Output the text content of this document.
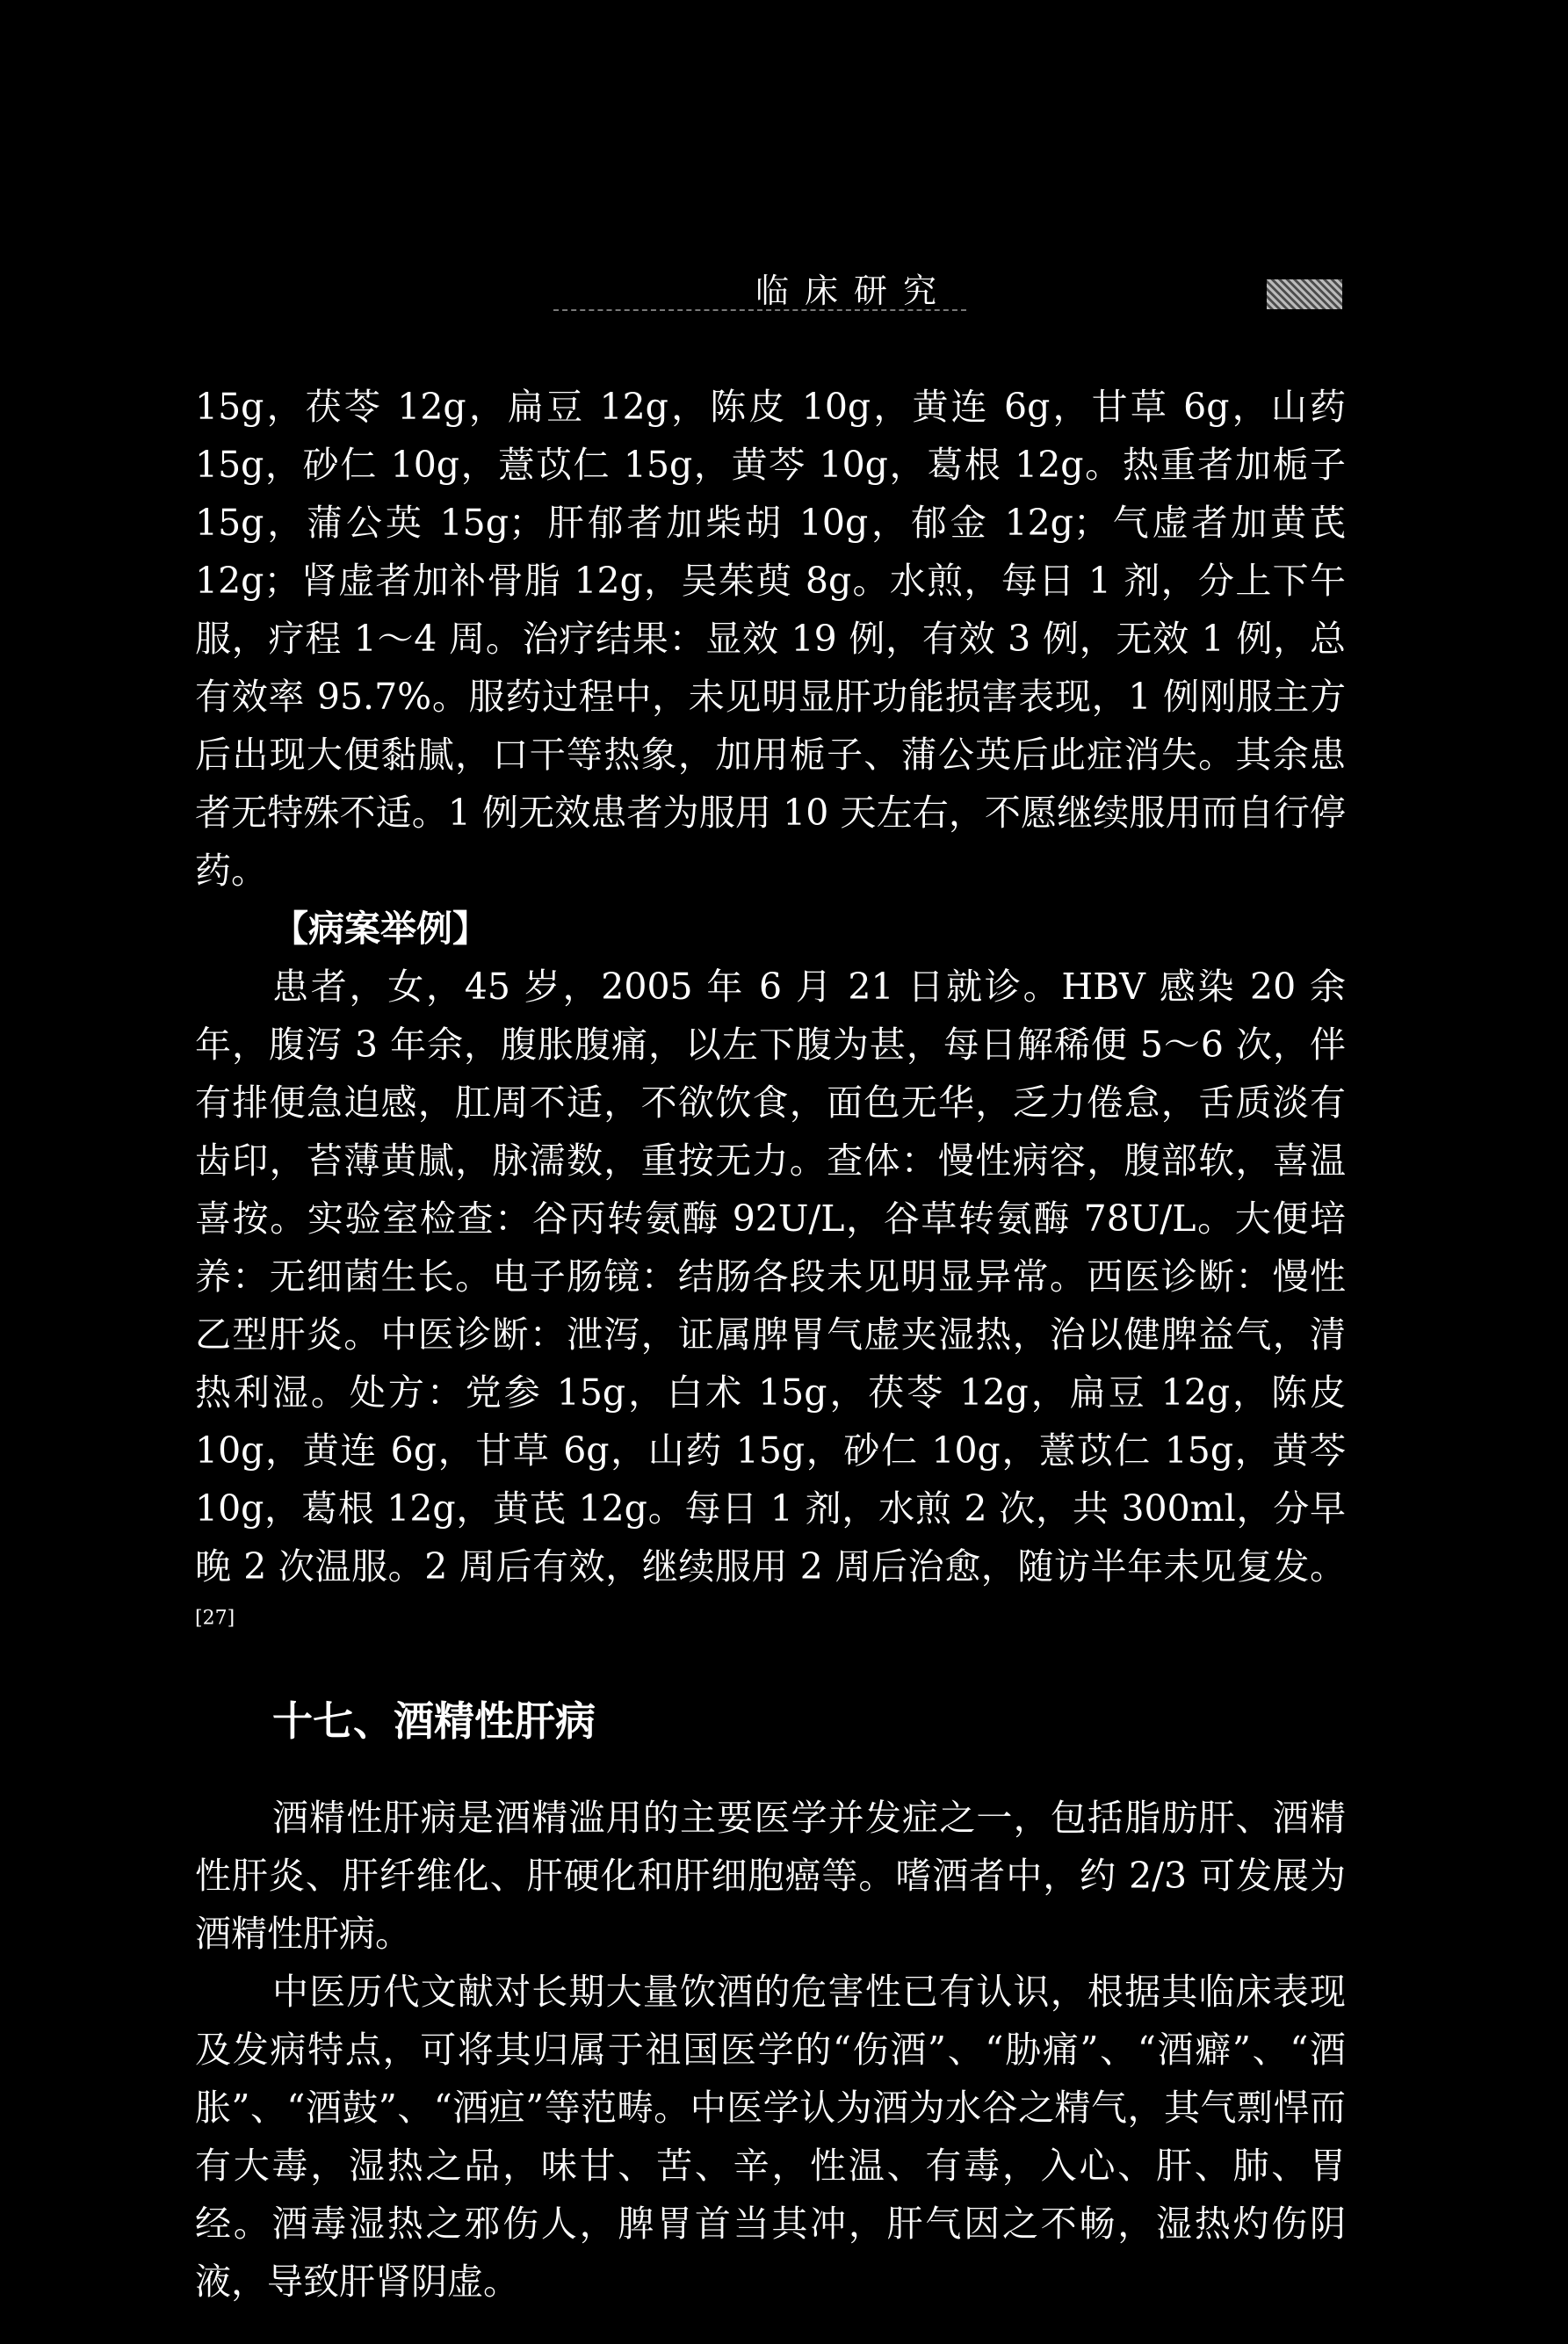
临床研究

15g，茯苓 12g，扁豆 12g，陈皮 10g，黄连 6g，甘草 6g，山药 15g，砂仁 10g，薏苡仁 15g，黄芩 10g，葛根 12g。热重者加栀子 15g，蒲公英 15g；肝郁者加柴胡 10g，郁金 12g；气虚者加黄芪 12g；肾虚者加补骨脂 12g，吴茱萸 8g。水煎，每日 1 剂，分上下午服，疗程 1～4 周。治疗结果：显效 19 例，有效 3 例，无效 1 例，总有效率 95.7%。服药过程中，未见明显肝功能损害表现，1 例刚服主方后出现大便黏腻，口干等热象，加用栀子、蒲公英后此症消失。其余患者无特殊不适。1 例无效患者为服用 10 天左右，不愿继续服用而自行停药。

【病案举例】

患者，女，45 岁，2005 年 6 月 21 日就诊。HBV 感染 20 余年，腹泻 3 年余，腹胀腹痛，以左下腹为甚，每日解稀便 5～6 次，伴有排便急迫感，肛周不适，不欲饮食，面色无华，乏力倦怠，舌质淡有齿印，苔薄黄腻，脉濡数，重按无力。查体：慢性病容，腹部软，喜温喜按。实验室检查：谷丙转氨酶 92U/L，谷草转氨酶 78U/L。大便培养：无细菌生长。电子肠镜：结肠各段未见明显异常。西医诊断：慢性乙型肝炎。中医诊断：泄泻，证属脾胃气虚夹湿热，治以健脾益气，清热利湿。处方：党参 15g，白术 15g，茯苓 12g，扁豆 12g，陈皮 10g，黄连 6g，甘草 6g，山药 15g，砂仁 10g，薏苡仁 15g，黄芩 10g，葛根 12g，黄芪 12g。每日 1 剂，水煎 2 次，共 300ml，分早晚 2 次温服。2 周后有效，继续服用 2 周后治愈，随访半年未见复发。[27]

十七、酒精性肝病

酒精性肝病是酒精滥用的主要医学并发症之一，包括脂肪肝、酒精性肝炎、肝纤维化、肝硬化和肝细胞癌等。嗜酒者中，约 2/3 可发展为酒精性肝病。

中医历代文献对长期大量饮酒的危害性已有认识，根据其临床表现及发病特点，可将其归属于祖国医学的“伤酒”、“胁痛”、“酒癖”、“酒胀”、“酒鼓”、“酒疸”等范畴。中医学认为酒为水谷之精气，其气剽悍而有大毒，湿热之品，味甘、苦、辛，性温、有毒，入心、肝、肺、胃经。酒毒湿热之邪伤人，脾胃首当其冲，肝气因之不畅，湿热灼伤阴液，导致肝肾阴虚。
